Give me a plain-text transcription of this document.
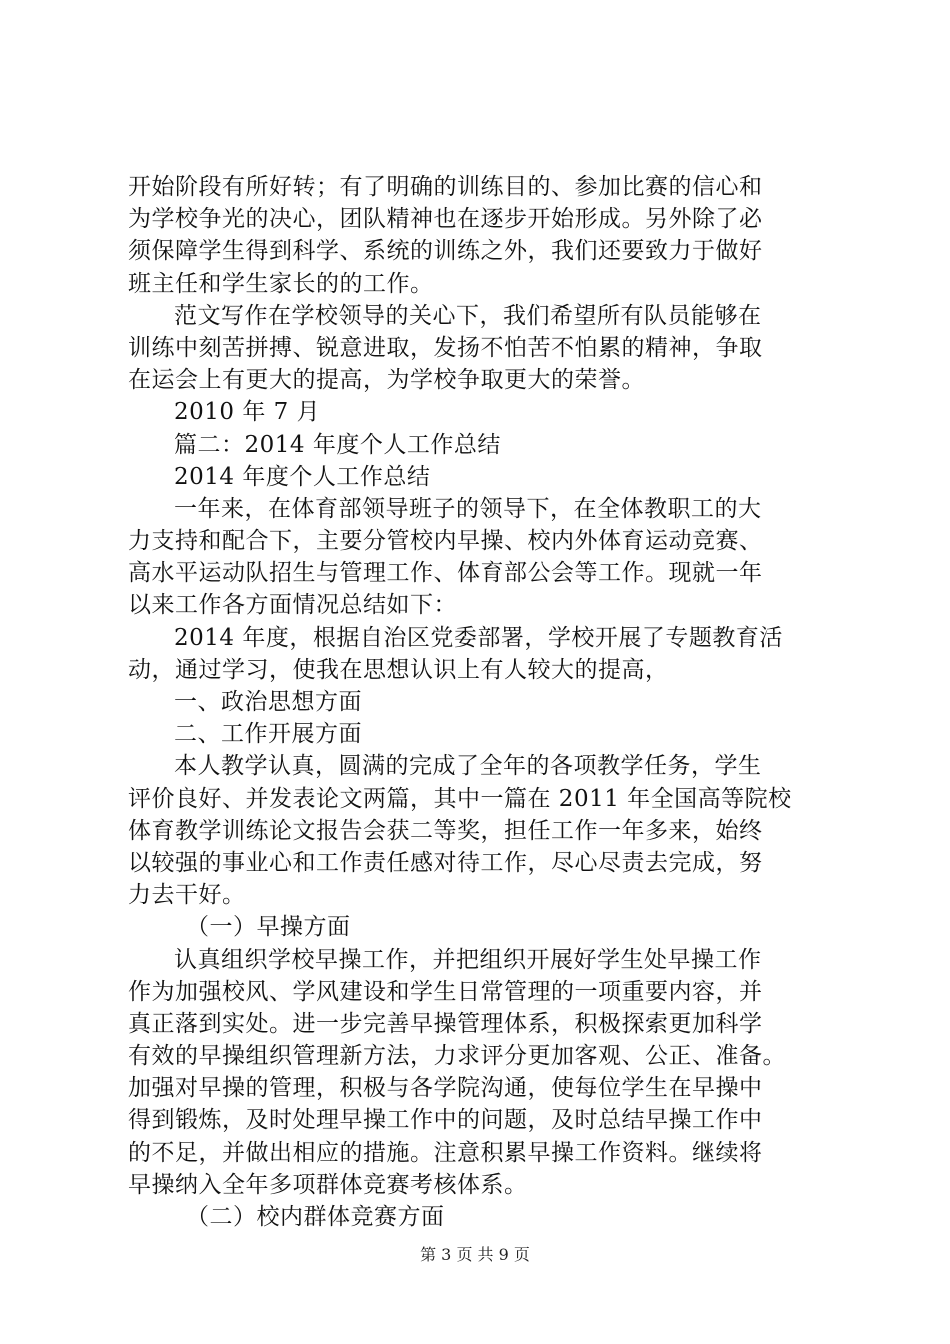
开始阶段有所好转；有了明确的训练目的、参加比赛的信心和
为学校争光的决心，团队精神也在逐步开始形成。另外除了必
须保障学生得到科学、系统的训练之外，我们还要致力于做好
班主任和学生家长的的工作。
范文写作在学校领导的关心下，我们希望所有队员能够在
训练中刻苦拼搏、锐意进取，发扬不怕苦不怕累的精神，争取
在运会上有更大的提高，为学校争取更大的荣誉。
2010 年 7 月
篇二：2014 年度个人工作总结
2014 年度个人工作总结
一年来，在体育部领导班子的领导下，在全体教职工的大
力支持和配合下，主要分管校内早操、校内外体育运动竞赛、
高水平运动队招生与管理工作、体育部公会等工作。现就一年
以来工作各方面情况总结如下：
2014 年度，根据自治区党委部署，学校开展了专题教育活
动，通过学习，使我在思想认识上有人较大的提高，
一、政治思想方面
二、工作开展方面
本人教学认真，圆满的完成了全年的各项教学任务，学生
评价良好、并发表论文两篇，其中一篇在 2011 年全国高等院校
体育教学训练论文报告会获二等奖，担任工作一年多来，始终
以较强的事业心和工作责任感对待工作，尽心尽责去完成，努
力去干好。
（一）早操方面
认真组织学校早操工作，并把组织开展好学生处早操工作
作为加强校风、学风建设和学生日常管理的一项重要内容，并
真正落到实处。进一步完善早操管理体系，积极探索更加科学
有效的早操组织管理新方法，力求评分更加客观、公正、准备。
加强对早操的管理，积极与各学院沟通，使每位学生在早操中
得到锻炼，及时处理早操工作中的问题，及时总结早操工作中
的不足，并做出相应的措施。注意积累早操工作资料。继续将
早操纳入全年多项群体竞赛考核体系。
（二）校内群体竞赛方面
第 3 页 共 9 页
